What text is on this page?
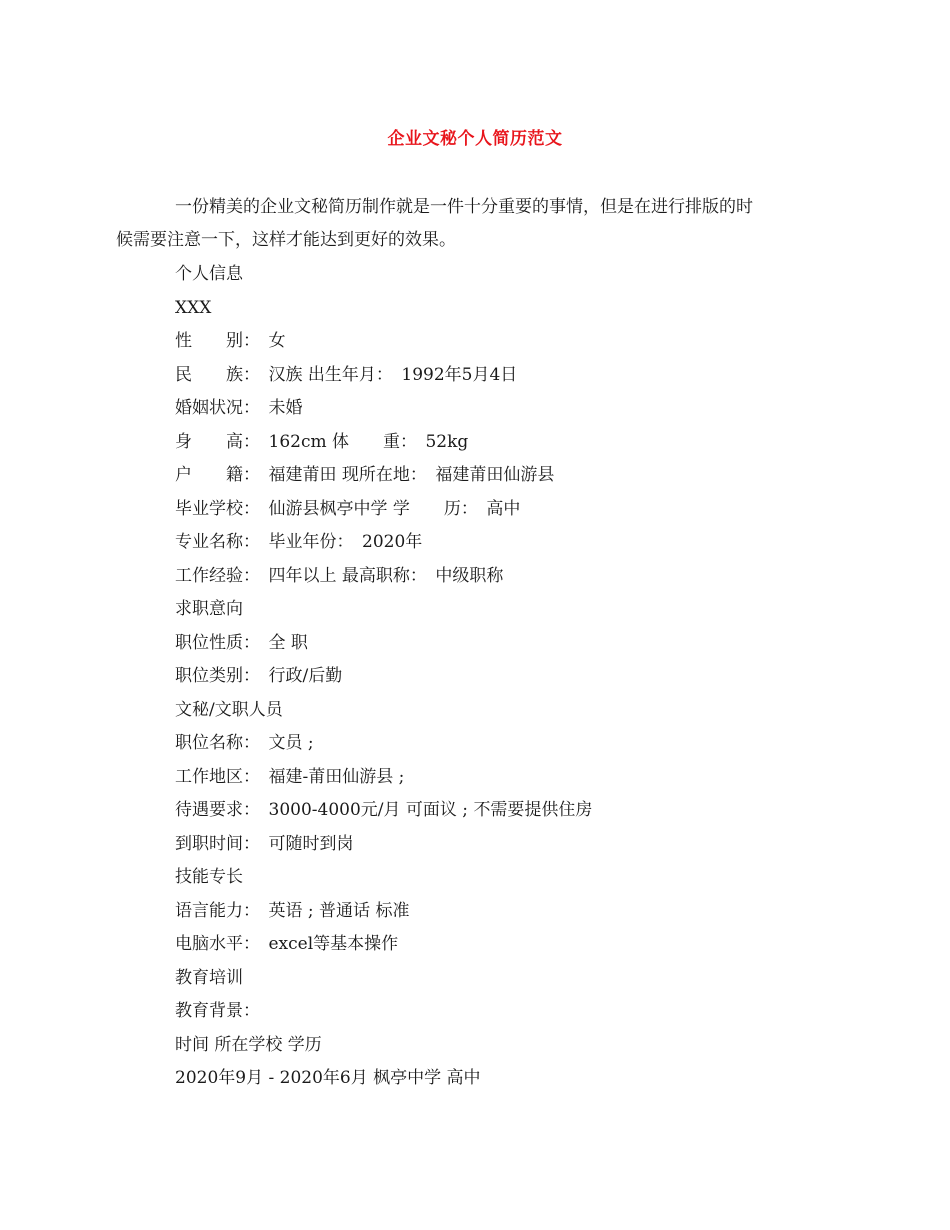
企业文秘个人简历范文

一份精美的企业文秘简历制作就是一件十分重要的事情，但是在进行排版的时
候需要注意一下，这样才能达到更好的效果。

个人信息
XXX
性　　别：　女
民　　族：　汉族 出生年月：　1992年5月4日
婚姻状况：　未婚
身　　高：　162cm 体　　重：　52kg
户　　籍：　福建莆田 现所在地：　福建莆田仙游县
毕业学校：　仙游县枫亭中学 学　　历：　高中
专业名称：　毕业年份：　2020年
工作经验：　四年以上 最高职称：　中级职称
求职意向
职位性质：　全 职
职位类别：　行政/后勤
文秘/文职人员
职位名称：　文员 ;
工作地区：　福建-莆田仙游县 ;
待遇要求：　3000-4000元/月 可面议 ; 不需要提供住房
到职时间：　可随时到岗
技能专长
语言能力：　英语 ; 普通话 标准
电脑水平：　excel等基本操作
教育培训
教育背景：
时间 所在学校 学历
2020年9月 - 2020年6月 枫亭中学 高中
